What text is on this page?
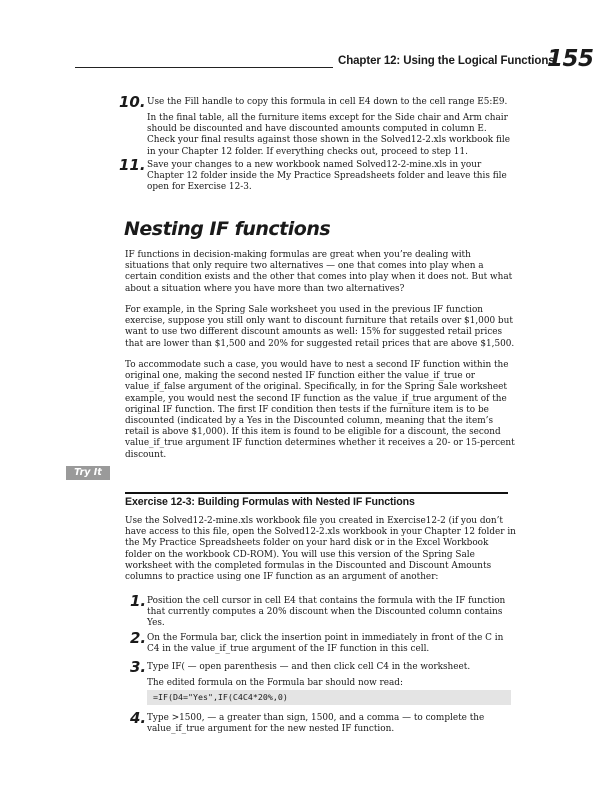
Chapter 12: Using the Logical Functions
155
10. Use the Fill handle to copy this formula in cell E4 down to the cell range E5:E9.
In the final table, all the furniture items except for the Side chair and Arm chair should be discounted and have discounted amounts computed in column E. Check your final results against those shown in the Solved12-2.xls workbook file in your Chapter 12 folder. If everything checks out, proceed to step 11.
11. Save your changes to a new workbook named Solved12-2-mine.xls in your Chapter 12 folder inside the My Practice Spreadsheets folder and leave this file open for Exercise 12-3.
Nesting IF functions
IF functions in decision-making formulas are great when you’re dealing with situations that only require two alternatives — one that comes into play when a certain condition exists and the other that comes into play when it does not. But what about a situation where you have more than two alternatives?
For example, in the Spring Sale worksheet you used in the previous IF function exercise, suppose you still only want to discount furniture that retails over $1,000 but want to use two different discount amounts as well: 15% for suggested retail prices that are lower than $1,500 and 20% for suggested retail prices that are above $1,500.
To accommodate such a case, you would have to nest a second IF function within the original one, making the second nested IF function either the value_if_true or value_if_false argument of the original. Specifically, in for the Spring Sale worksheet example, you would nest the second IF function as the value_if_true argument of the original IF function. The first IF condition then tests if the furniture item is to be discounted (indicated by a Yes in the Discounted column, meaning that the item’s retail is above $1,000). If this item is found to be eligible for a discount, the second value_if_true argument IF function determines whether it receives a 20- or 15-percent discount.
Try It
Exercise 12-3: Building Formulas with Nested IF Functions
Use the Solved12-2-mine.xls workbook file you created in Exercise12-2 (if you don’t have access to this file, open the Solved12-2.xls workbook in your Chapter 12 folder in the My Practice Spreadsheets folder on your hard disk or in the Excel Workbook folder on the workbook CD-ROM). You will use this version of the Spring Sale worksheet with the completed formulas in the Discounted and Discount Amounts columns to practice using one IF function as an argument of another:
1. Position the cell cursor in cell E4 that contains the formula with the IF function that currently computes a 20% discount when the Discounted column contains Yes.
2. On the Formula bar, click the insertion point in immediately in front of the C in C4 in the value_if_true argument of the IF function in this cell.
3. Type IF( — open parenthesis — and then click cell C4 in the worksheet.
The edited formula on the Formula bar should now read:
=IF(D4="Yes",IF(C4C4*20%,0)
4. Type >1500, — a greater than sign, 1500, and a comma — to complete the value_if_true argument for the new nested IF function.
